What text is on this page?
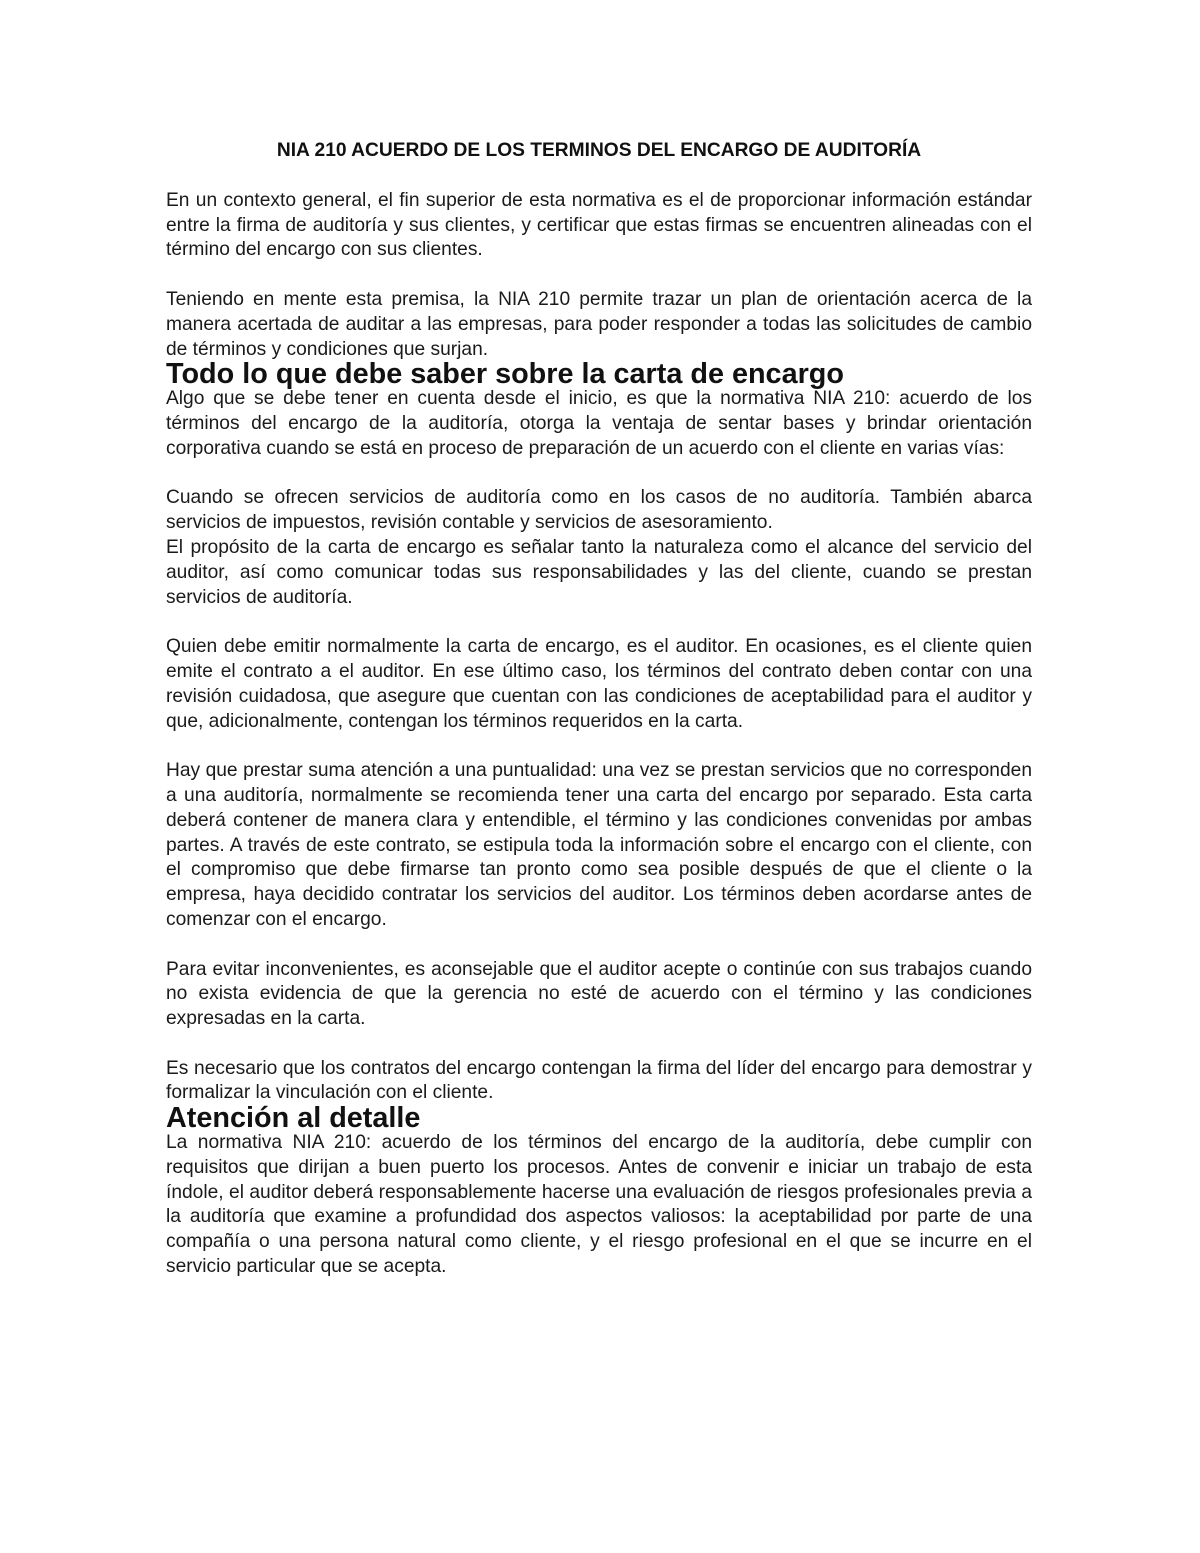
NIA 210 ACUERDO DE LOS TERMINOS DEL ENCARGO DE AUDITORÍA

En un contexto general, el fin superior de esta normativa es el de proporcionar información estándar entre la firma de auditoría y sus clientes, y certificar que estas firmas se encuentren alineadas con el término del encargo con sus clientes.

Teniendo en mente esta premisa, la NIA 210 permite trazar un plan de orientación acerca de la manera acertada de auditar a las empresas, para poder responder a todas las solicitudes de cambio de términos y condiciones que surjan.

Todo lo que debe saber sobre la carta de encargo

Algo que se debe tener en cuenta desde el inicio, es que la normativa NIA 210: acuerdo de los términos del encargo de la auditoría, otorga la ventaja de sentar bases y brindar orientación corporativa cuando se está en proceso de preparación de un acuerdo con el cliente en varias vías:

Cuando se ofrecen servicios de auditoría como en los casos de no auditoría. También abarca servicios de impuestos, revisión contable y servicios de asesoramiento.

El propósito de la carta de encargo es señalar tanto la naturaleza como el alcance del servicio del auditor, así como comunicar todas sus responsabilidades y las del cliente, cuando se prestan servicios de auditoría.

Quien debe emitir normalmente la carta de encargo, es el auditor. En ocasiones, es el cliente quien emite el contrato a el auditor. En ese último caso, los términos del contrato deben contar con una revisión cuidadosa, que asegure que cuentan con las condiciones de aceptabilidad para el auditor y que, adicionalmente, contengan los términos requeridos en la carta.

Hay que prestar suma atención a una puntualidad: una vez se prestan servicios que no corresponden a una auditoría, normalmente se recomienda tener una carta del encargo por separado. Esta carta deberá contener de manera clara y entendible, el término y las condiciones convenidas por ambas partes. A través de este contrato, se estipula toda la información sobre el encargo con el cliente, con el compromiso que debe firmarse tan pronto como sea posible después de que el cliente o la empresa, haya decidido contratar los servicios del auditor. Los términos deben acordarse antes de comenzar con el encargo.

Para evitar inconvenientes, es aconsejable que el auditor acepte o continúe con sus trabajos cuando no exista evidencia de que la gerencia no esté de acuerdo con el término y las condiciones expresadas en la carta.

Es necesario que los contratos del encargo contengan la firma del líder del encargo para demostrar y formalizar la vinculación con el cliente.

Atención al detalle

La normativa NIA 210: acuerdo de los términos del encargo de la auditoría, debe cumplir con requisitos que dirijan a buen puerto los procesos. Antes de convenir e iniciar un trabajo de esta índole, el auditor deberá responsablemente hacerse una evaluación de riesgos profesionales previa a la auditoría que examine a profundidad dos aspectos valiosos: la aceptabilidad por parte de una compañía o una persona natural como cliente, y el riesgo profesional en el que se incurre en el servicio particular que se acepta.
